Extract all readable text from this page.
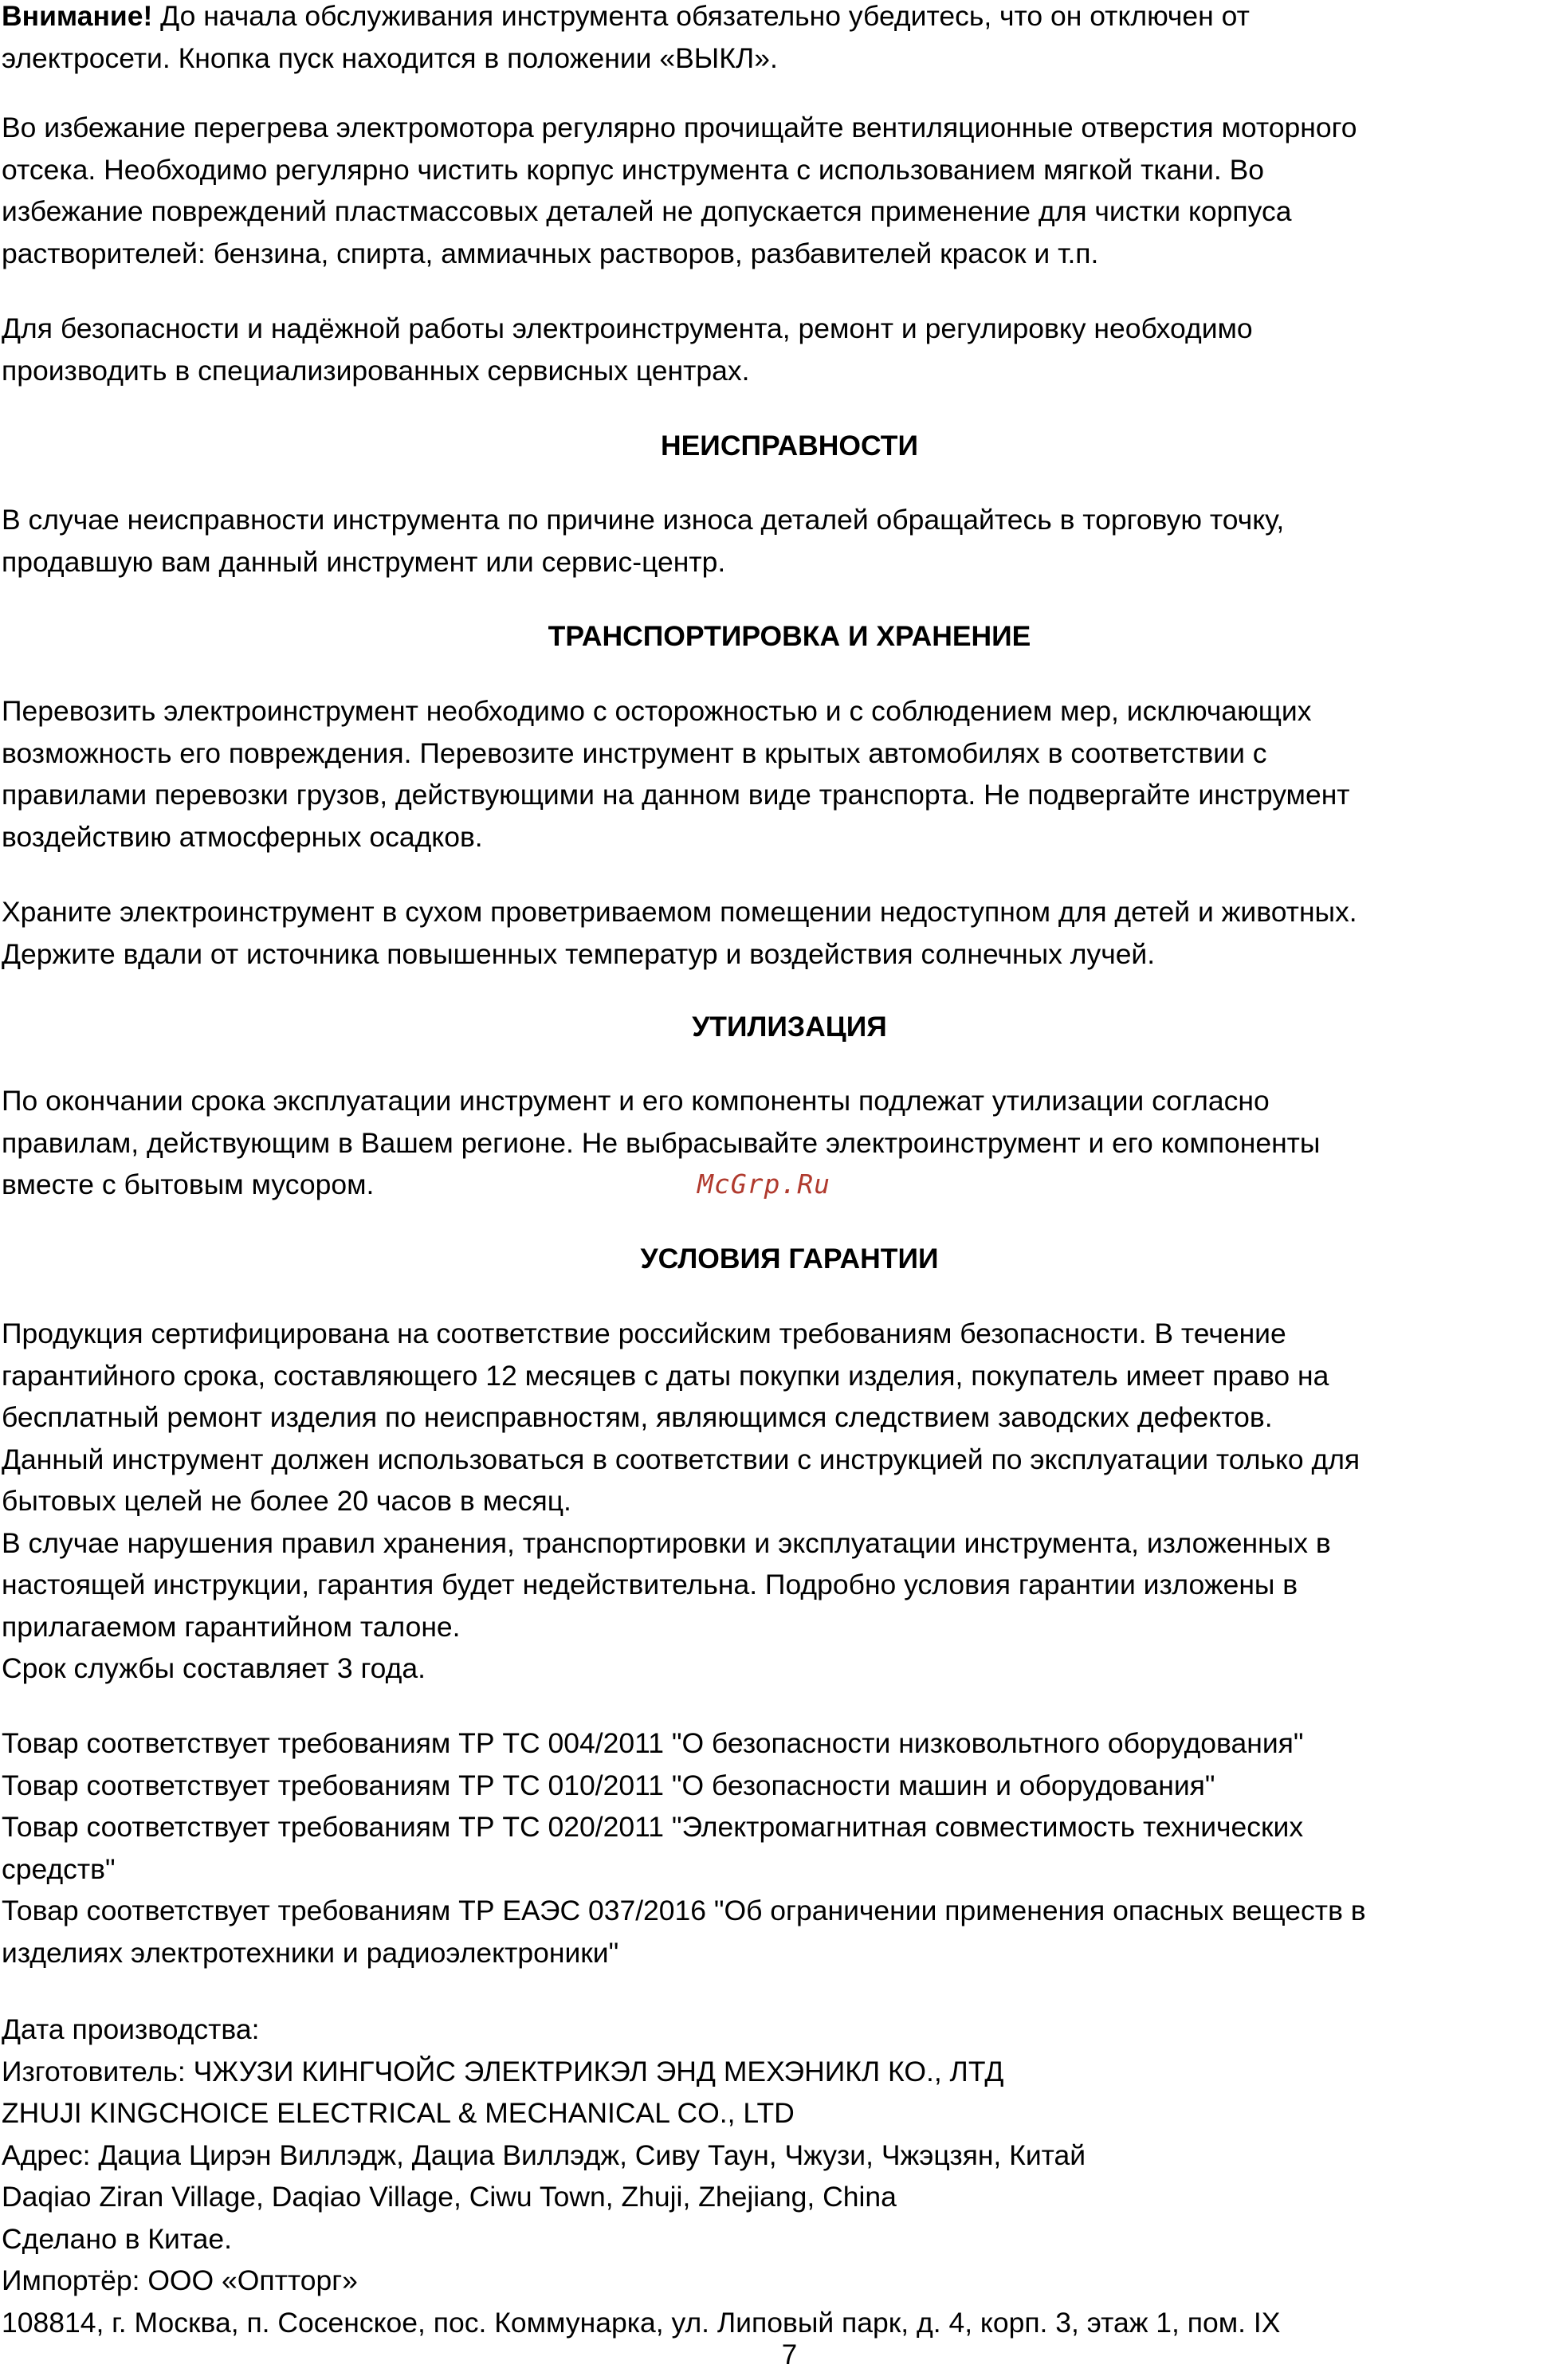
Внимание! До начала обслуживания инструмента обязательно убедитесь, что он отключен от
электросети. Кнопка пуск находится в положении «ВЫКЛ».

Во избежание перегрева электромотора регулярно прочищайте вентиляционные отверстия моторного
отсека. Необходимо регулярно чистить корпус инструмента с использованием мягкой ткани. Во
избежание повреждений пластмассовых деталей не допускается применение для чистки корпуса
растворителей: бензина, спирта, аммиачных растворов, разбавителей красок и т.п.

Для безопасности и надёжной работы электроинструмента, ремонт и регулировку необходимо
производить в специализированных сервисных центрах.

НЕИСПРАВНОСТИ

В случае неисправности инструмента по причине износа деталей обращайтесь в торговую точку,
продавшую вам данный инструмент или сервис-центр.

ТРАНСПОРТИРОВКА И ХРАНЕНИЕ

Перевозить электроинструмент необходимо с осторожностью и с соблюдением мер, исключающих
возможность его повреждения. Перевозите инструмент в крытых автомобилях в соответствии с
правилами перевозки грузов, действующими на данном виде транспорта. Не подвергайте инструмент
воздействию атмосферных осадков.

Храните электроинструмент в сухом проветриваемом помещении недоступном для детей и животных.
Держите вдали от источника повышенных температур и воздействия солнечных лучей.

УТИЛИЗАЦИЯ

По окончании срока эксплуатации инструмент и его компоненты подлежат утилизации согласно
правилам, действующим в Вашем регионе. Не выбрасывайте электроинструмент и его компоненты
вместе с бытовым мусором.	McGrp.Ru
УСЛОВИЯ ГАРАНТИИ

Продукция сертифицирована на соответствие российским требованиям безопасности. В течение
гарантийного срока, составляющего 12 месяцев с даты покупки изделия, покупатель имеет право на
бесплатный ремонт изделия по неисправностям, являющимся следствием заводских дефектов.
Данный инструмент должен использоваться в соответствии с инструкцией по эксплуатации только для
бытовых целей не более 20 часов в месяц.
В случае нарушения правил хранения, транспортировки и эксплуатации инструмента, изложенных в
настоящей инструкции, гарантия будет недействительна. Подробно условия гарантии изложены в
прилагаемом гарантийном талоне.
Срок службы составляет 3 года.

Товар соответствует требованиям ТР ТС 004/2011 "О безопасности низковольтного оборудования"
Товар соответствует требованиям ТР ТС 010/2011 "О безопасности машин и оборудования"
Товар соответствует требованиям ТР ТС 020/2011 "Электромагнитная совместимость технических
средств"
Товар соответствует требованиям ТР ЕАЭС 037/2016 "Об ограничении применения опасных веществ в
изделиях электротехники и радиоэлектроники"

Дата производства:
Изготовитель: ЧЖУЗИ КИНГЧОЙС ЭЛЕКТРИКЭЛ ЭНД МЕХЭНИКЛ КО., ЛТД
ZHUJI KINGCHOICE ELECTRICAL & MECHANICAL CO., LTD
Адрес: Дациа Цирэн Виллэдж, Дациа Виллэдж, Сиву Таун, Чжузи, Чжэцзян, Китай
Daqiao Ziran Village, Daqiao Village, Ciwu Town, Zhuji, Zhejiang, China
Сделано в Китае.
Импортёр: ООО «Оптторг»
108814, г. Москва, п. Сосенское, пос. Коммунарка, ул. Липовый парк, д. 4, корп. 3, этаж 1, пом. IX

7
